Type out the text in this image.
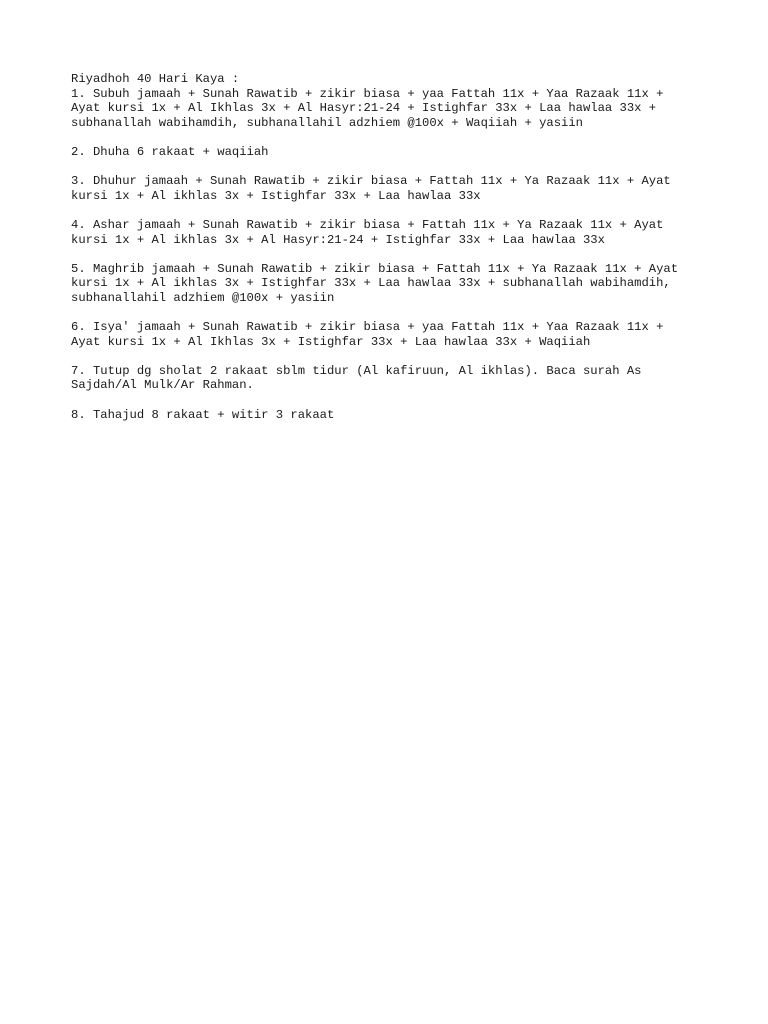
Riyadhoh 40 Hari Kaya :
1. Subuh jamaah + Sunah Rawatib + zikir biasa + yaa Fattah 11x + Yaa Razaak 11x +
Ayat kursi 1x + Al Ikhlas 3x + Al Hasyr:21-24 + Istighfar 33x + Laa hawlaa 33x +
subhanallah wabihamdih, subhanallahil adzhiem @100x + Waqiiah + yasiin
2. Dhuha 6 rakaat + waqiiah
3. Dhuhur jamaah + Sunah Rawatib + zikir biasa + Fattah 11x + Ya Razaak 11x + Ayat
kursi 1x + Al ikhlas 3x + Istighfar 33x + Laa hawlaa 33x
4. Ashar jamaah + Sunah Rawatib + zikir biasa + Fattah 11x + Ya Razaak 11x + Ayat
kursi 1x + Al ikhlas 3x + Al Hasyr:21-24 + Istighfar 33x + Laa hawlaa 33x
5. Maghrib jamaah + Sunah Rawatib + zikir biasa + Fattah 11x + Ya Razaak 11x + Ayat
kursi 1x + Al ikhlas 3x + Istighfar 33x + Laa hawlaa 33x + subhanallah wabihamdih,
subhanallahil adzhiem @100x + yasiin
6. Isya' jamaah + Sunah Rawatib + zikir biasa + yaa Fattah 11x + Yaa Razaak 11x +
Ayat kursi 1x + Al Ikhlas 3x + Istighfar 33x + Laa hawlaa 33x + Waqiiah
7. Tutup dg sholat 2 rakaat sblm tidur (Al kafiruun, Al ikhlas). Baca surah As
Sajdah/Al Mulk/Ar Rahman.
8. Tahajud 8 rakaat + witir 3 rakaat
